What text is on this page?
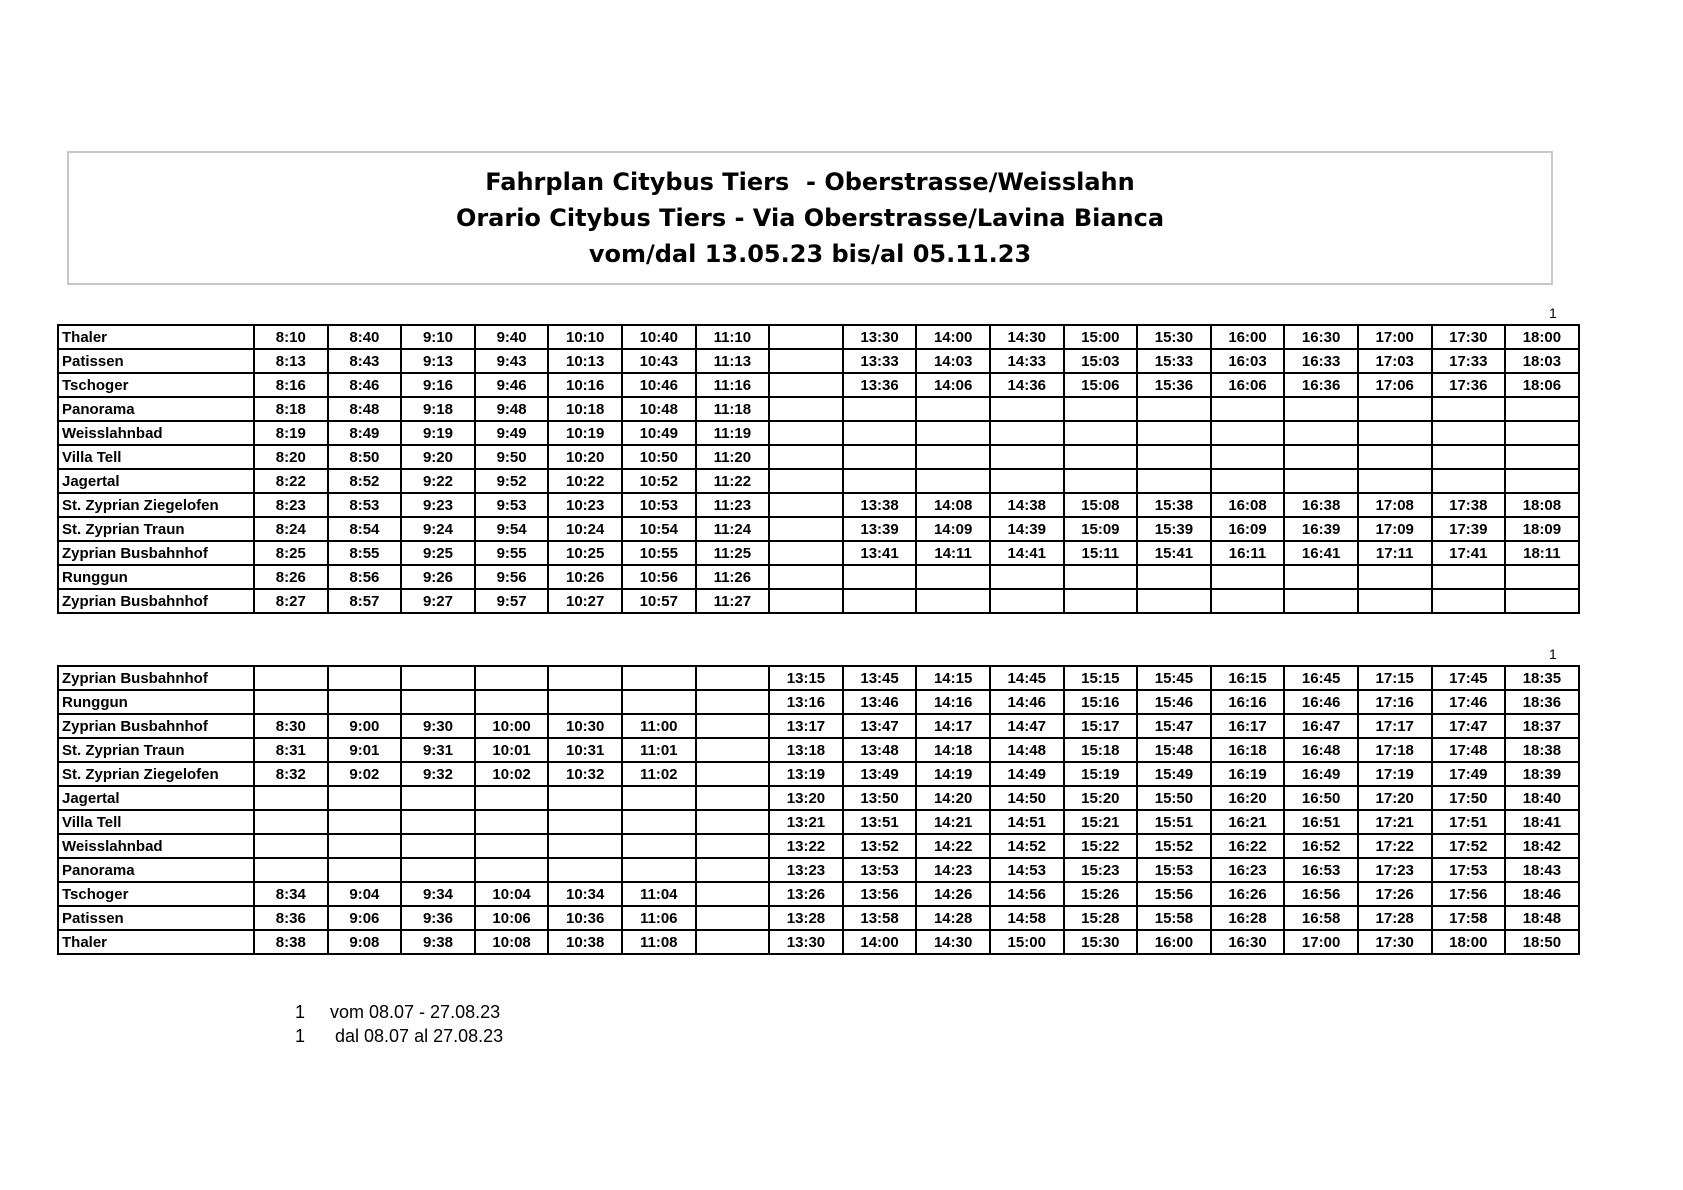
Fahrplan Citybus Tiers  - Oberstrasse/Weisslahn
Orario Citybus Tiers - Via Oberstrasse/Lavina Bianca
vom/dal 13.05.23 bis/al 05.11.23
1
Thaler	8:10	8:40	9:10	9:40	10:10	10:40	11:10		13:30	14:00	14:30	15:00	15:30	16:00	16:30	17:00	17:30	18:00
Patissen	8:13	8:43	9:13	9:43	10:13	10:43	11:13		13:33	14:03	14:33	15:03	15:33	16:03	16:33	17:03	17:33	18:03
Tschoger	8:16	8:46	9:16	9:46	10:16	10:46	11:16		13:36	14:06	14:36	15:06	15:36	16:06	16:36	17:06	17:36	18:06
Panorama	8:18	8:48	9:18	9:48	10:18	10:48	11:18											
Weisslahnbad	8:19	8:49	9:19	9:49	10:19	10:49	11:19											
Villa Tell	8:20	8:50	9:20	9:50	10:20	10:50	11:20											
Jagertal	8:22	8:52	9:22	9:52	10:22	10:52	11:22											
St. Zyprian Ziegelofen	8:23	8:53	9:23	9:53	10:23	10:53	11:23		13:38	14:08	14:38	15:08	15:38	16:08	16:38	17:08	17:38	18:08
St. Zyprian Traun	8:24	8:54	9:24	9:54	10:24	10:54	11:24		13:39	14:09	14:39	15:09	15:39	16:09	16:39	17:09	17:39	18:09
Zyprian Busbahnhof	8:25	8:55	9:25	9:55	10:25	10:55	11:25		13:41	14:11	14:41	15:11	15:41	16:11	16:41	17:11	17:41	18:11
Runggun	8:26	8:56	9:26	9:56	10:26	10:56	11:26											
Zyprian Busbahnhof	8:27	8:57	9:27	9:57	10:27	10:57	11:27											
1
Zyprian Busbahnhof								13:15	13:45	14:15	14:45	15:15	15:45	16:15	16:45	17:15	17:45	18:35
Runggun								13:16	13:46	14:16	14:46	15:16	15:46	16:16	16:46	17:16	17:46	18:36
Zyprian Busbahnhof	8:30	9:00	9:30	10:00	10:30	11:00		13:17	13:47	14:17	14:47	15:17	15:47	16:17	16:47	17:17	17:47	18:37
St. Zyprian Traun	8:31	9:01	9:31	10:01	10:31	11:01		13:18	13:48	14:18	14:48	15:18	15:48	16:18	16:48	17:18	17:48	18:38
St. Zyprian Ziegelofen	8:32	9:02	9:32	10:02	10:32	11:02		13:19	13:49	14:19	14:49	15:19	15:49	16:19	16:49	17:19	17:49	18:39
Jagertal								13:20	13:50	14:20	14:50	15:20	15:50	16:20	16:50	17:20	17:50	18:40
Villa Tell								13:21	13:51	14:21	14:51	15:21	15:51	16:21	16:51	17:21	17:51	18:41
Weisslahnbad								13:22	13:52	14:22	14:52	15:22	15:52	16:22	16:52	17:22	17:52	18:42
Panorama								13:23	13:53	14:23	14:53	15:23	15:53	16:23	16:53	17:23	17:53	18:43
Tschoger	8:34	9:04	9:34	10:04	10:34	11:04		13:26	13:56	14:26	14:56	15:26	15:56	16:26	16:56	17:26	17:56	18:46
Patissen	8:36	9:06	9:36	10:06	10:36	11:06		13:28	13:58	14:28	14:58	15:28	15:58	16:28	16:58	17:28	17:58	18:48
Thaler	8:38	9:08	9:38	10:08	10:38	11:08		13:30	14:00	14:30	15:00	15:30	16:00	16:30	17:00	17:30	18:00	18:50
1	vom 08.07 - 27.08.23
1	dal 08.07 al 27.08.23
